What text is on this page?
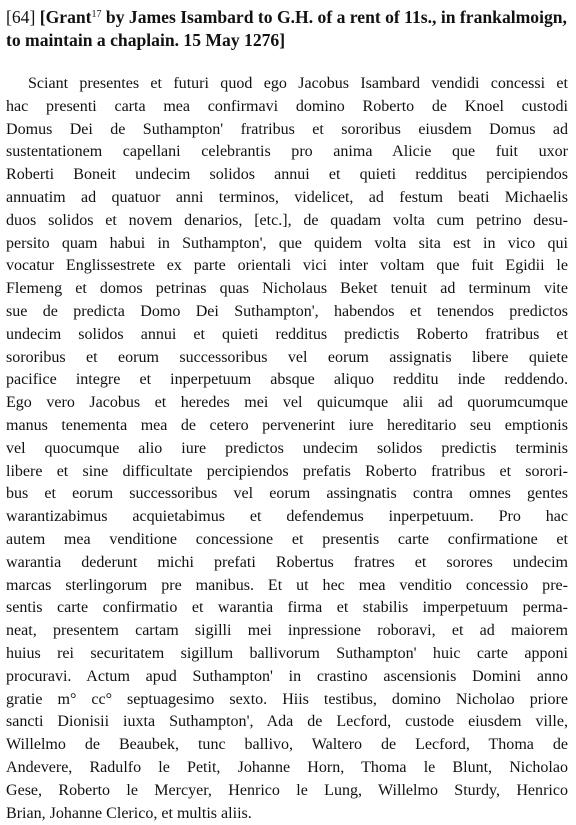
[64] [Grant$^{17}$ by James Isambard to G.H. of a rent of 11s., in frankalmoign, to maintain a chaplain. 15 May 1276]
Sciant presentes et futuri quod ego Jacobus Isambard vendidi concessi et
hac presenti carta mea confirmavi domino Roberto de Knoel custodi
Domus Dei de Suthampton' fratribus et sororibus eiusdem Domus ad
sustentationem capellani celebrantis pro anima Alicie que fuit uxor
Roberti Boneit undecim solidos annui et quieti redditus percipiendos
annuatim ad quatuor anni terminos, videlicet, ad festum beati Michaelis
duos solidos et novem denarios, [etc.], de quadam volta cum petrino desu-
persito quam habui in Suthampton', que quidem volta sita est in vico qui
vocatur Englissestrete ex parte orientali vici inter voltam que fuit Egidii le
Flemeng et domos petrinas quas Nicholaus Beket tenuit ad terminum vite
sue de predicta Domo Dei Suthampton', habendos et tenendos predictos
undecim solidos annui et quieti redditus predictis Roberto fratribus et
sororibus et eorum successoribus vel eorum assignatis libere quiete
pacifice integre et inperpetuum absque aliquo redditu inde reddendo.
Ego vero Jacobus et heredes mei vel quicumque alii ad quorumcumque
manus tenementa mea de cetero pervenerint iure hereditario seu emptionis
vel quocumque alio iure predictos undecim solidos predictis terminis
libere et sine difficultate percipiendos prefatis Roberto fratribus et sorori-
bus et eorum successoribus vel eorum assingnatis contra omnes gentes
warantizabimus acquietabimus et defendemus inperpetuum. Pro hac
autem mea venditione concessione et presentis carte confirmatione et
warantia dederunt michi prefati Robertus fratres et sorores undecim
marcas sterlingorum pre manibus. Et ut hec mea venditio concessio pre-
sentis carte confirmatio et warantia firma et stabilis imperpetuum perma-
neat, presentem cartam sigilli mei inpressione roboravi, et ad maiorem
huius rei securitatem sigillum ballivorum Suthampton' huic carte apponi
procuravi. Actum apud Suthampton' in crastino ascensionis Domini anno
gratie m° cc° septuagesimo sexto. Hiis testibus, domino Nicholao priore
sancti Dionisii iuxta Suthampton', Ada de Lecford, custode eiusdem ville,
Willelmo de Beaubek, tunc ballivo, Waltero de Lecford, Thoma de
Andevere, Radulfo le Petit, Johanne Horn, Thoma le Blunt, Nicholao
Gese, Roberto le Mercyer, Henrico le Lung, Willelmo Sturdy, Henrico
Brian, Johanne Clerico, et multis aliis.
